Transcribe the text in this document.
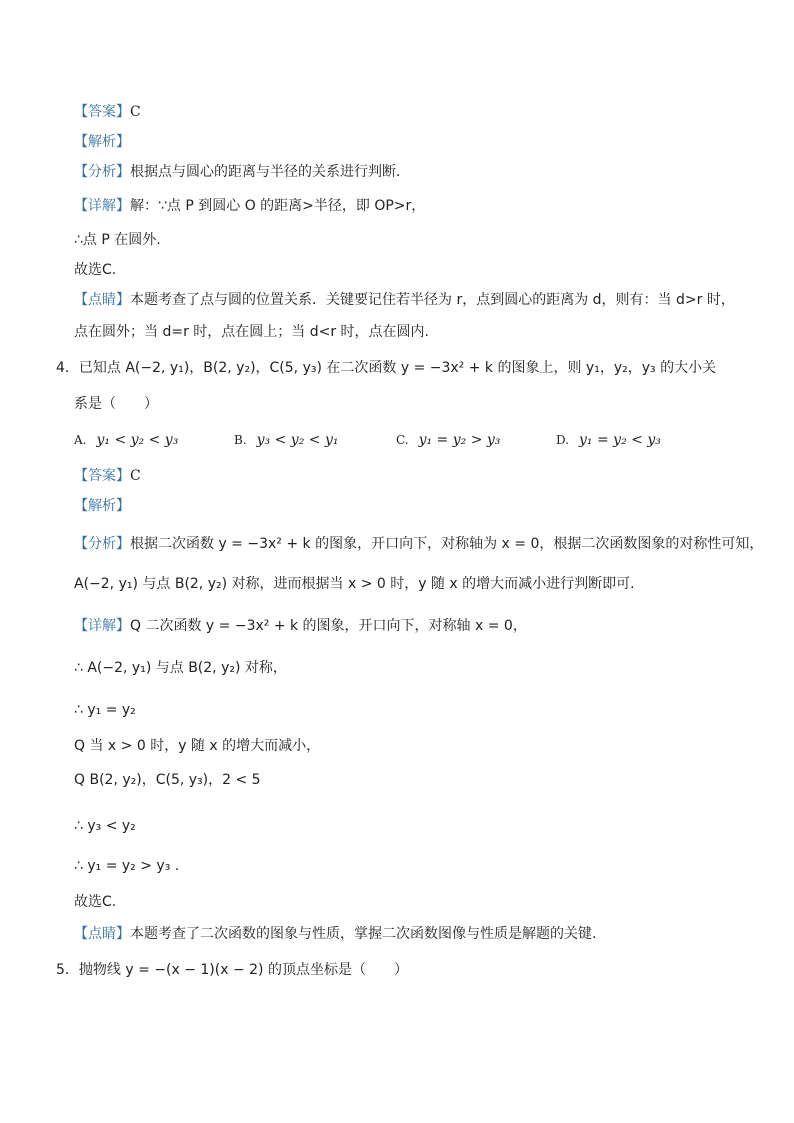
【答案】C
【解析】
【分析】根据点与圆心的距离与半径的关系进行判断.
【详解】解：∵点 P 到圆心 O 的距离>半径，即 OP>r，
∴点 P 在圆外.
故选C.
【点睛】本题考查了点与圆的位置关系．关键要记住若半径为 r，点到圆心的距离为 d，则有：当 d>r 时，
点在圆外；当 d=r 时，点在圆上；当 d<r 时，点在圆内.
4．已知点 A(−2, y₁)，B(2, y₂)，C(5, y₃) 在二次函数 y = −3x² + k 的图象上，则 y₁，y₂，y₃ 的大小关
系是（　　）
A. y₁ < y₂ < y₃	B. y₃ < y₂ < y₁	C. y₁ = y₂ > y₃	D. y₁ = y₂ < y₃
【答案】C
【解析】
【分析】根据二次函数 y = −3x² + k 的图象，开口向下，对称轴为 x = 0，根据二次函数图象的对称性可知，
A(−2, y₁) 与点 B(2, y₂) 对称，进而根据当 x > 0 时，y 随 x 的增大而减小进行判断即可.
【详解】Q 二次函数 y = −3x² + k 的图象，开口向下，对称轴 x = 0，
∴ A(−2, y₁) 与点 B(2, y₂) 对称，
∴ y₁ = y₂
Q 当 x > 0 时，y 随 x 的增大而减小，
Q B(2, y₂)，C(5, y₃)，2 < 5
∴ y₃ < y₂
∴ y₁ = y₂ > y₃ .
故选C.
【点睛】本题考查了二次函数的图象与性质，掌握二次函数图像与性质是解题的关键.
5．抛物线 y = −(x − 1)(x − 2) 的顶点坐标是（　　）
